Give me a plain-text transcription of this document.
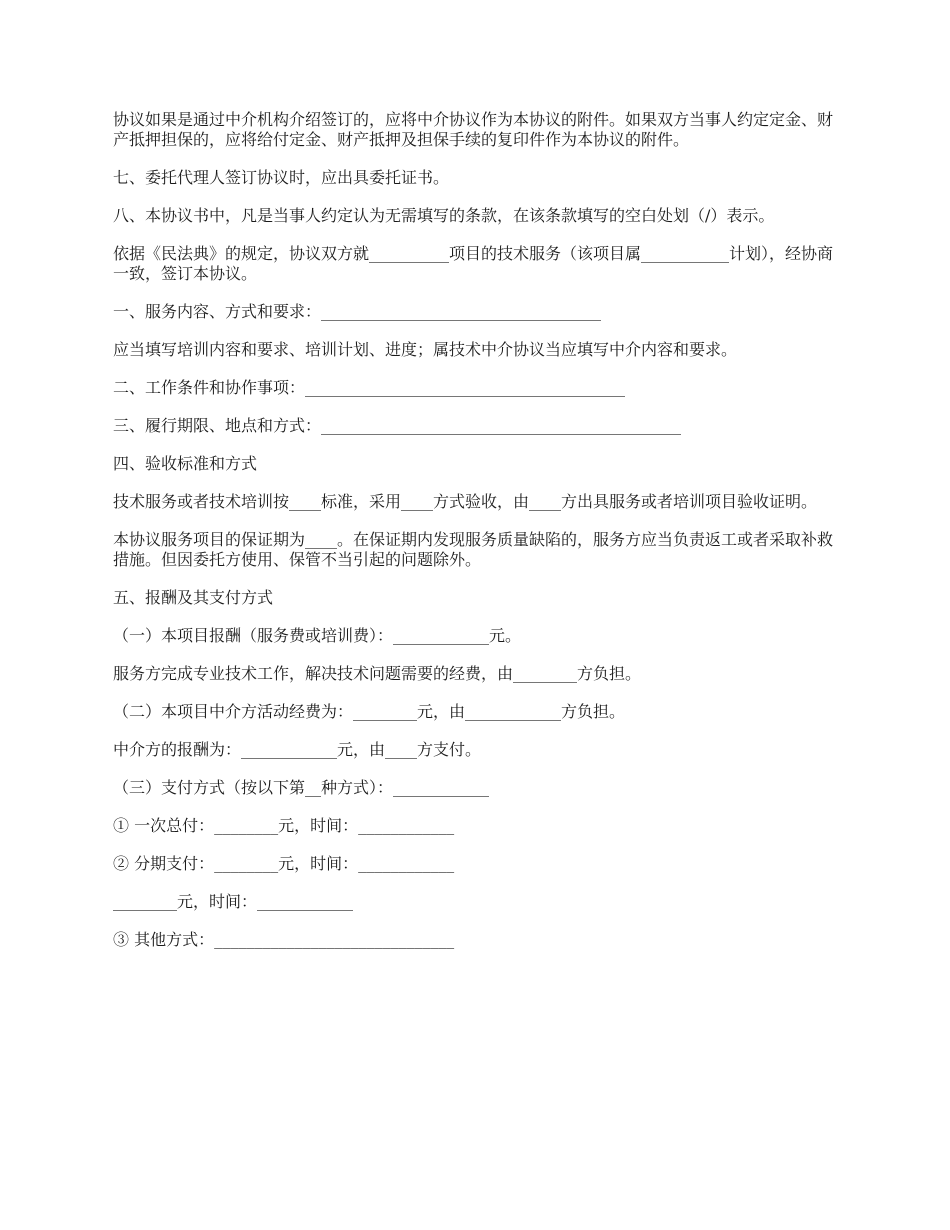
协议如果是通过中介机构介绍签订的，应将中介协议作为本协议的附件。如果双方当事人约定定金、财产抵押担保的，应将给付定金、财产抵押及担保手续的复印件作为本协议的附件。

七、委托代理人签订协议时，应出具委托证书。

八、本协议书中，凡是当事人约定认为无需填写的条款，在该条款填写的空白处划（/）表示。

依据《民法典》的规定，协议双方就__________项目的技术服务（该项目属___________计划），经协商一致，签订本协议。

一、服务内容、方式和要求：___________________________________

应当填写培训内容和要求、培训计划、进度；属技术中介协议当应填写中介内容和要求。

二、工作条件和协作事项：________________________________________

三、履行期限、地点和方式：_____________________________________________

四、验收标准和方式

技术服务或者技术培训按____标准，采用____方式验收，由____方出具服务或者培训项目验收证明。

本协议服务项目的保证期为____。在保证期内发现服务质量缺陷的，服务方应当负责返工或者采取补救措施。但因委托方使用、保管不当引起的问题除外。

五、报酬及其支付方式

（一）本项目报酬（服务费或培训费）：____________元。

服务方完成专业技术工作，解决技术问题需要的经费，由________方负担。

（二）本项目中介方活动经费为：________元，由____________方负担。

中介方的报酬为：____________元，由____方支付。

（三）支付方式（按以下第__种方式）：____________

① 一次总付：________元，时间：____________

② 分期支付：________元，时间：____________

________元，时间：____________

③ 其他方式：______________________________
